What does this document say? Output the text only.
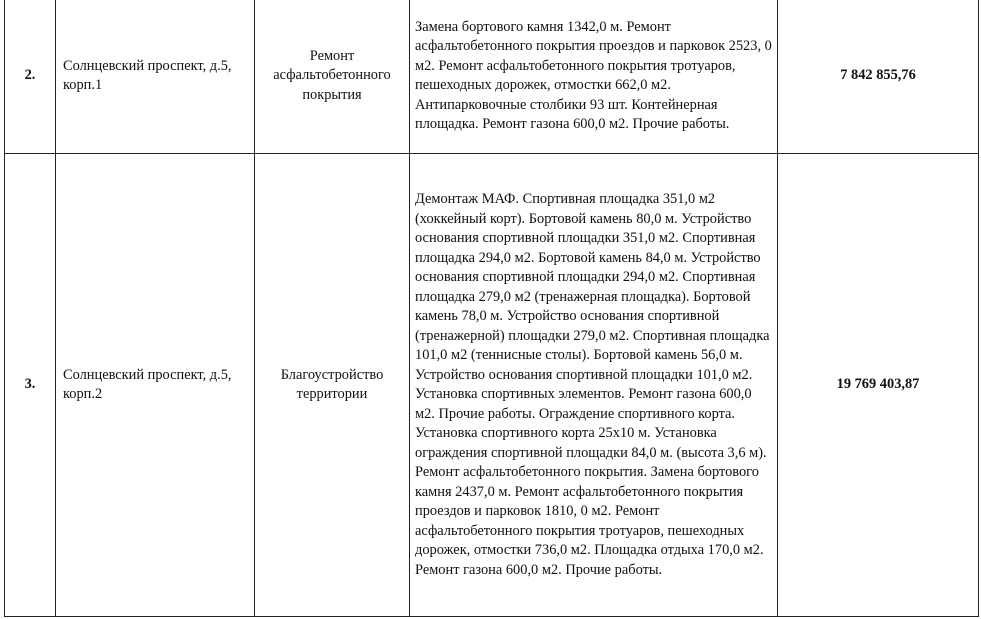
2.	Солнцевский проспект, д.5, корп.1	Ремонт асфальтобетонного покрытия	Замена бортового камня 1342,0 м. Ремонт асфальтобетонного покрытия проездов и парковок 2523, 0 м2. Ремонт асфальтобетонного покрытия тротуаров, пешеходных дорожек, отмостки 662,0 м2. Антипарковочные столбики 93 шт. Контейнерная площадка. Ремонт газона 600,0 м2. Прочие работы.	7 842 855,76
3.	Солнцевский проспект, д.5, корп.2	Благоустройство территории	Демонтаж МАФ. Спортивная площадка 351,0 м2 (хоккейный корт). Бортовой камень 80,0 м. Устройство основания спортивной площадки 351,0 м2. Спортивная площадка 294,0 м2. Бортовой камень 84,0 м. Устройство основания спортивной площадки 294,0 м2. Спортивная площадка 279,0 м2 (тренажерная площадка). Бортовой камень 78,0 м. Устройство основания спортивной (тренажерной) площадки 279,0 м2. Спортивная площадка 101,0 м2 (теннисные столы). Бортовой камень 56,0 м. Устройство основания спортивной площадки 101,0 м2. Установка спортивных элементов. Ремонт газона 600,0 м2. Прочие работы. Ограждение спортивного корта. Установка спортивного корта 25х10 м. Установка ограждения спортивной площадки 84,0 м. (высота 3,6 м). Ремонт асфальтобетонного покрытия. Замена бортового камня 2437,0 м. Ремонт асфальтобетонного покрытия проездов и парковок 1810, 0 м2. Ремонт асфальтобетонного покрытия тротуаров, пешеходных дорожек, отмостки 736,0 м2. Площадка отдыха 170,0 м2. Ремонт газона 600,0 м2. Прочие работы.	19 769 403,87
